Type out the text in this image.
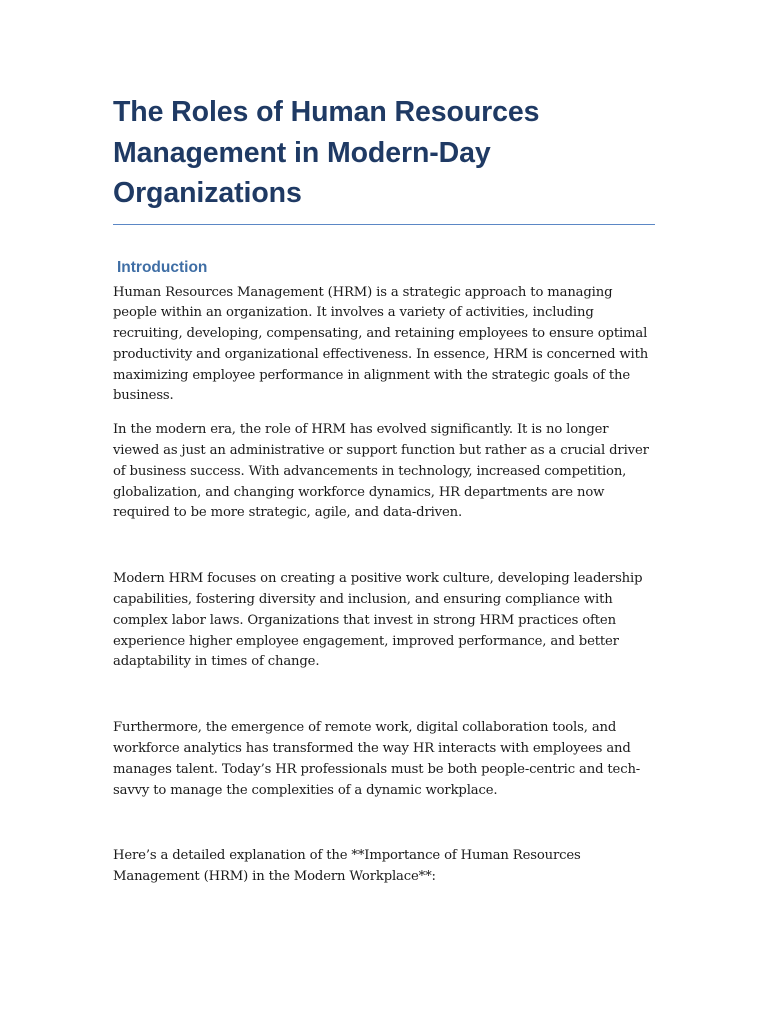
The Roles of Human Resources Management in Modern-Day Organizations
Introduction

Human Resources Management (HRM) is a strategic approach to managing people within an organization. It involves a variety of activities, including recruiting, developing, compensating, and retaining employees to ensure optimal productivity and organizational effectiveness. In essence, HRM is concerned with maximizing employee performance in alignment with the strategic goals of the business.

In the modern era, the role of HRM has evolved significantly. It is no longer viewed as just an administrative or support function but rather as a crucial driver of business success. With advancements in technology, increased competition, globalization, and changing workforce dynamics, HR departments are now required to be more strategic, agile, and data-driven.

Modern HRM focuses on creating a positive work culture, developing leadership capabilities, fostering diversity and inclusion, and ensuring compliance with complex labor laws. Organizations that invest in strong HRM practices often experience higher employee engagement, improved performance, and better adaptability in times of change.

Furthermore, the emergence of remote work, digital collaboration tools, and workforce analytics has transformed the way HR interacts with employees and manages talent. Today’s HR professionals must be both people-centric and tech-savvy to manage the complexities of a dynamic workplace.

Here’s a detailed explanation of the **Importance of Human Resources Management (HRM) in the Modern Workplace**:
